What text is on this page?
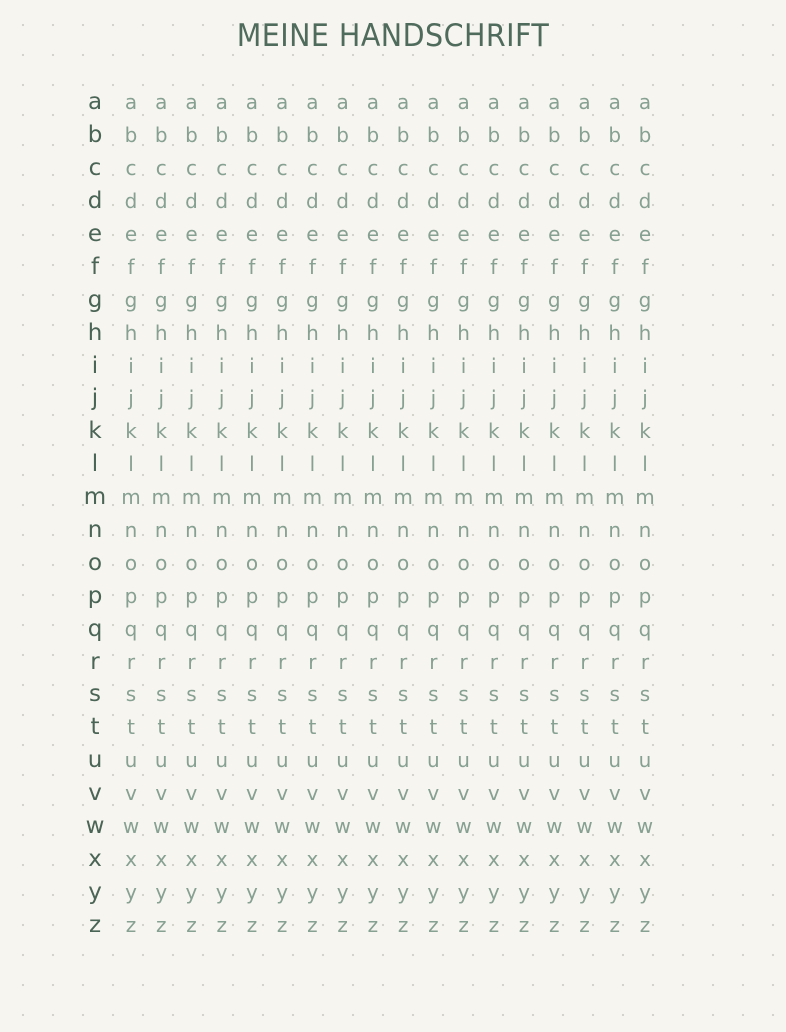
MEINE HANDSCHRIFT
a	a a a a a a a a a a a a a a a a a a
b	b b b b b b b b b b b b b b b b b b
c	c c c c c c c c c c c c c c c c c c
d	d d d d d d d d d d d d d d d d d d
e	e e e e e e e e e e e e e e e e e e
f	f	f	f	f	f	f	f	f	f	f	f	f	f	f	f	f	f	f
g	g g g g g g g g g g g g g g g g g g
h	h h h h h h h h h h h h h h h h h h
i	i	i	i	i	i	i	i	i	i	i	i	i	i	i	i	i	i	i
j	j	j	j	j	j	j	j	j	j	j	j	j	j	j	j	j	j	j
k	k k k k k k k k k k k k k k k k k k
l	l	l	l	l	l	l	l	l	l	l	l	l	l	l	l	l	l	l
m m m m m m m m m m m m m m m m m m m
n	n n n n n n n n n n n n n n n n n n
o	o o o o o o o o o o o o o o o o o o
p	p p p p p p p p p p p p p p p p p p
q	q q q q q q q q q q q q q q q q q q
r	r	r	r	r	r	r	r	r	r	r	r	r	r	r	r	r	r	r
s	s s s s s s s s s s s s s s s s s s
t	t	t	t	t	t	t	t	t	t	t	t	t	t	t	t	t	t	t
u	u u u u u u u u u u u u u u u u u u
v	v v v v v v v v v v v v v v v v v v
w w w w w w w w w w w w w w w w w w w
x	x x x x x x x x x x x x x x x x x x
y	y y y y y y y y y y y y y y y y y y
z	z z z z z z z z z z z z z z z z z z
